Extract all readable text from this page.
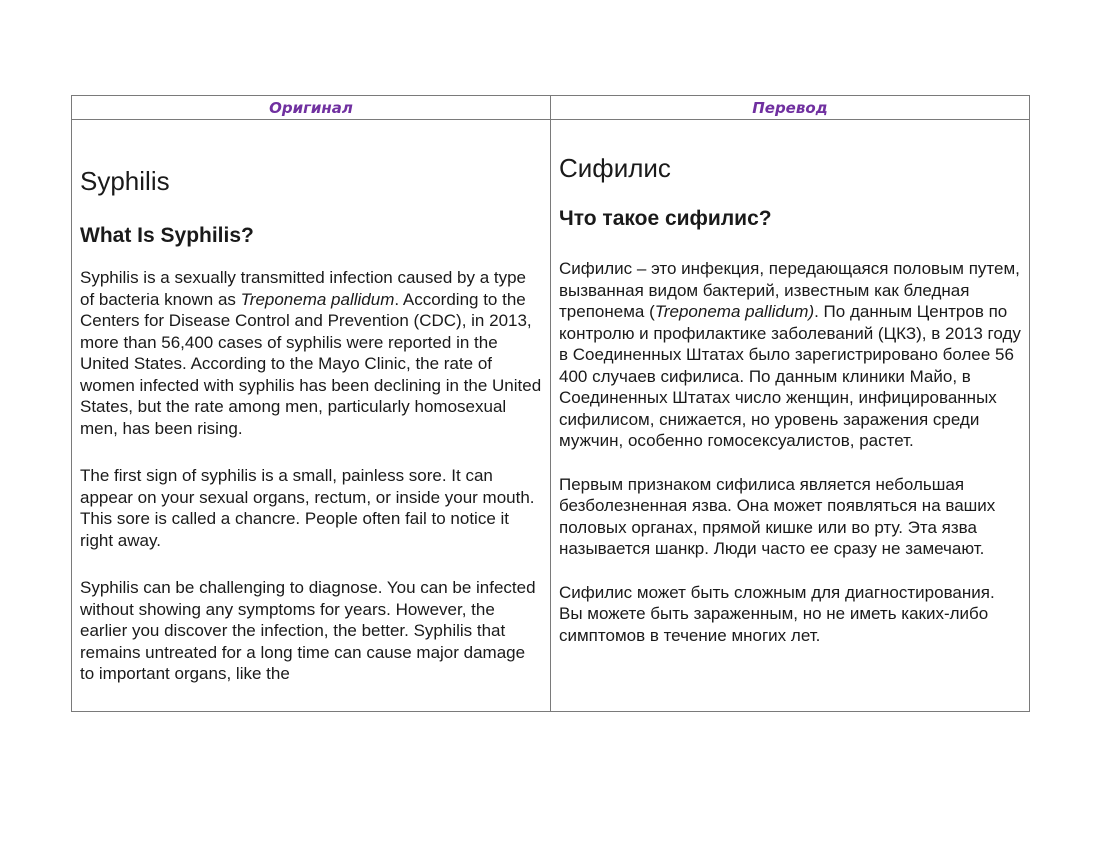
Оригинал	Перевод
Syphilis
What Is Syphilis?

Syphilis is a sexually transmitted infection caused by a type of bacteria known as Treponema pallidum. According to the Centers for Disease Control and Prevention (CDC), in 2013, more than 56,400 cases of syphilis were reported in the United States. According to the Mayo Clinic, the rate of women infected with syphilis has been declining in the United States, but the rate among men, particularly homosexual men, has been rising.

The first sign of syphilis is a small, painless sore. It can appear on your sexual organs, rectum, or inside your mouth. This sore is called a chancre. People often fail to notice it right away.

Syphilis can be challenging to diagnose. You can be infected without showing any symptoms for years. However, the earlier you discover the infection, the better. Syphilis that remains untreated for a long time can cause major damage to important organs, like the

Сифилис
Что такое сифилис?

Сифилис – это инфекция, передающаяся половым путем, вызванная видом бактерий, известным как бледная трепонема (Treponema pallidum). По данным Центров по контролю и профилактике заболеваний (ЦКЗ), в 2013 году в Соединенных Штатах было зарегистрировано более 56 400 случаев сифилиса. По данным клиники Майо, в Соединенных Штатах число женщин, инфицированных сифилисом, снижается, но уровень заражения среди мужчин, особенно гомосексуалистов, растет.

Первым признаком сифилиса является небольшая безболезненная язва. Она может появляться на ваших половых органах, прямой кишке или во рту. Эта язва называется шанкр. Люди часто ее сразу не замечают.

Сифилис может быть сложным для диагностирования. Вы можете быть зараженным, но не иметь каких-либо симптомов в течение многих лет.
